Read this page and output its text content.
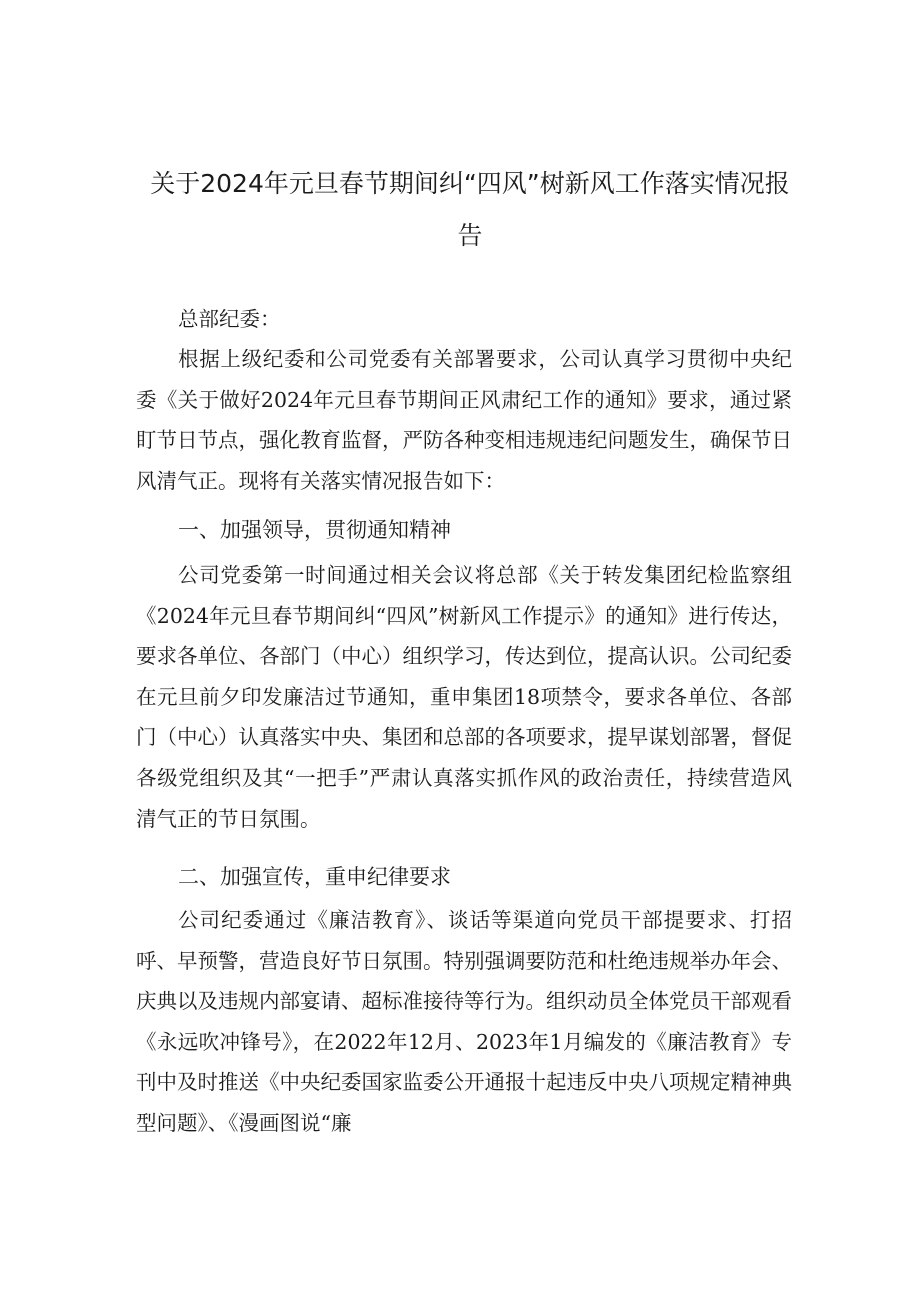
关于2024年元旦春节期间纠“四风”树新风工作落实情况报
告
总部纪委：

根据上级纪委和公司党委有关部署要求，公司认真学习贯彻中央纪委《关于做好2024年元旦春节期间正风肃纪工作的通知》要求，通过紧盯节日节点，强化教育监督，严防各种变相违规违纪问题发生，确保节日风清气正。现将有关落实情况报告如下：

一、加强领导，贯彻通知精神

公司党委第一时间通过相关会议将总部《关于转发集团纪检监察组《2024年元旦春节期间纠“四风”树新风工作提示》的通知》进行传达，要求各单位、各部门（中心）组织学习，传达到位，提高认识。公司纪委在元旦前夕印发廉洁过节通知，重申集团18项禁令，要求各单位、各部门（中心）认真落实中央、集团和总部的各项要求，提早谋划部署，督促各级党组织及其“一把手”严肃认真落实抓作风的政治责任，持续营造风清气正的节日氛围。

二、加强宣传，重申纪律要求

公司纪委通过《廉洁教育》、谈话等渠道向党员干部提要求、打招呼、早预警，营造良好节日氛围。特别强调要防范和杜绝违规举办年会、庆典以及违规内部宴请、超标准接待等行为。组织动员全体党员干部观看《永远吹冲锋号》，在2022年12月、2023年1月编发的《廉洁教育》专刊中及时推送《中央纪委国家监委公开通报十起违反中央八项规定精神典型问题》、《漫画图说“廉
